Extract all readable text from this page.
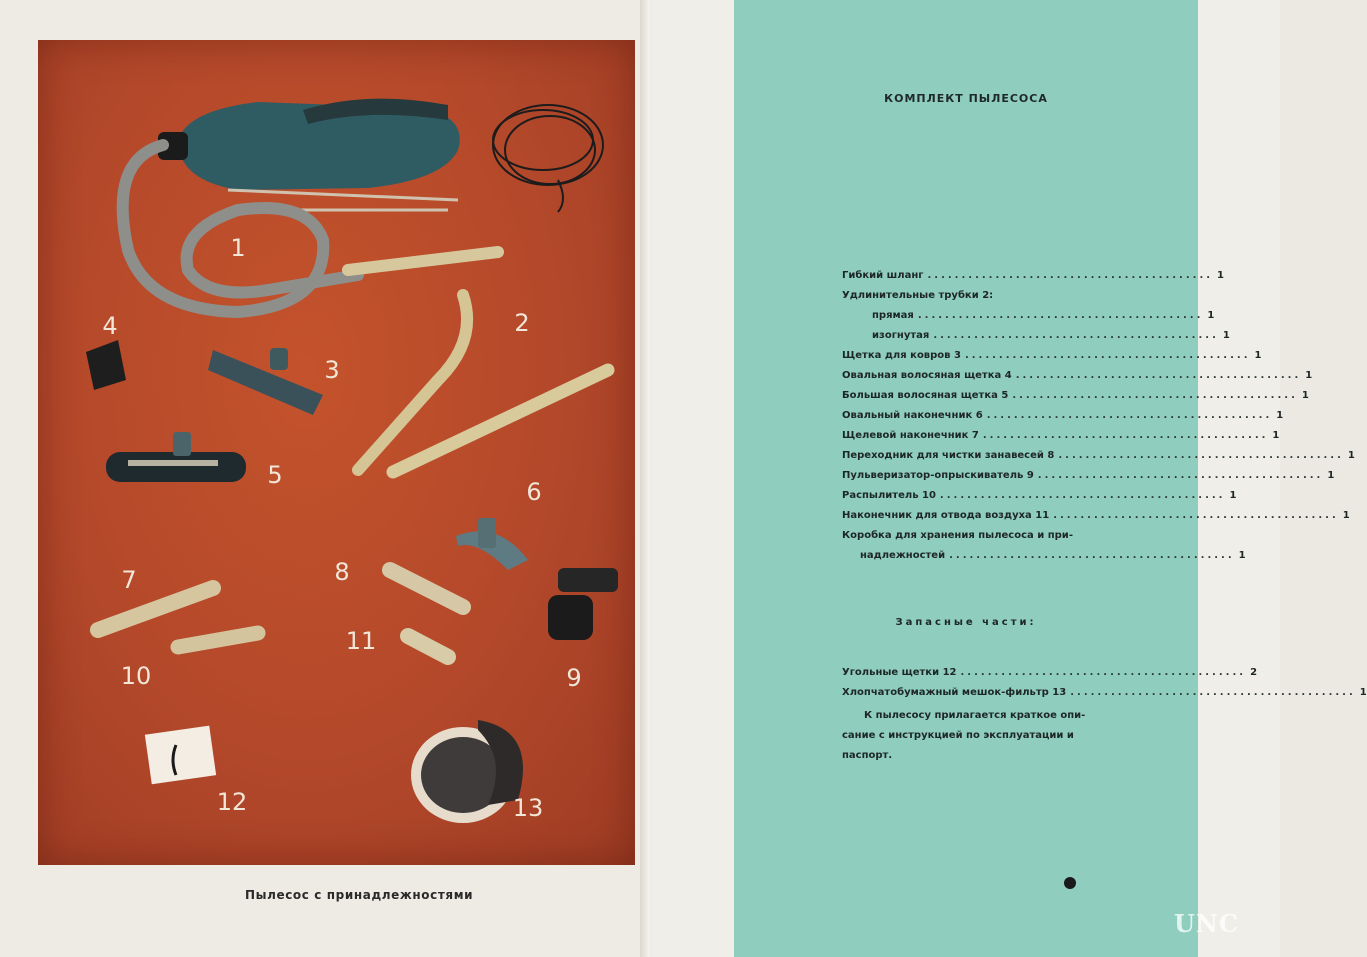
1
2
3
4
5
6
7	8
9
10
11
12	13
Пылесос с принадлежностями
КОМПЛЕКТ ПЫЛЕСОСА
Гибкий шланг .......................................... 1
Удлинительные трубки 2:
прямая .......................................... 1
изогнутая .......................................... 1
Щетка для ковров 3 .......................................... 1
Овальная волосяная щетка 4 .......................................... 1
Большая волосяная щетка 5 .......................................... 1
Овальный наконечник 6 .......................................... 1
Щелевой наконечник 7 .......................................... 1
Переходник для чистки занавесей 8 .......................................... 1
Пульверизатор-опрыскиватель 9 .......................................... 1
Распылитель 10 .......................................... 1
Наконечник для отвода воздуха 11 .......................................... 1
Коробка для хранения пылесоса и при-
надлежностей .......................................... 1
Запасные части:
Угольные щетки 12 .......................................... 2
Хлопчатобумажный мешок-фильтр 13 .......................................... 1
К пылесосу прилагается краткое опи-
сание с инструкцией по эксплуатации и
паспорт.
UNC
